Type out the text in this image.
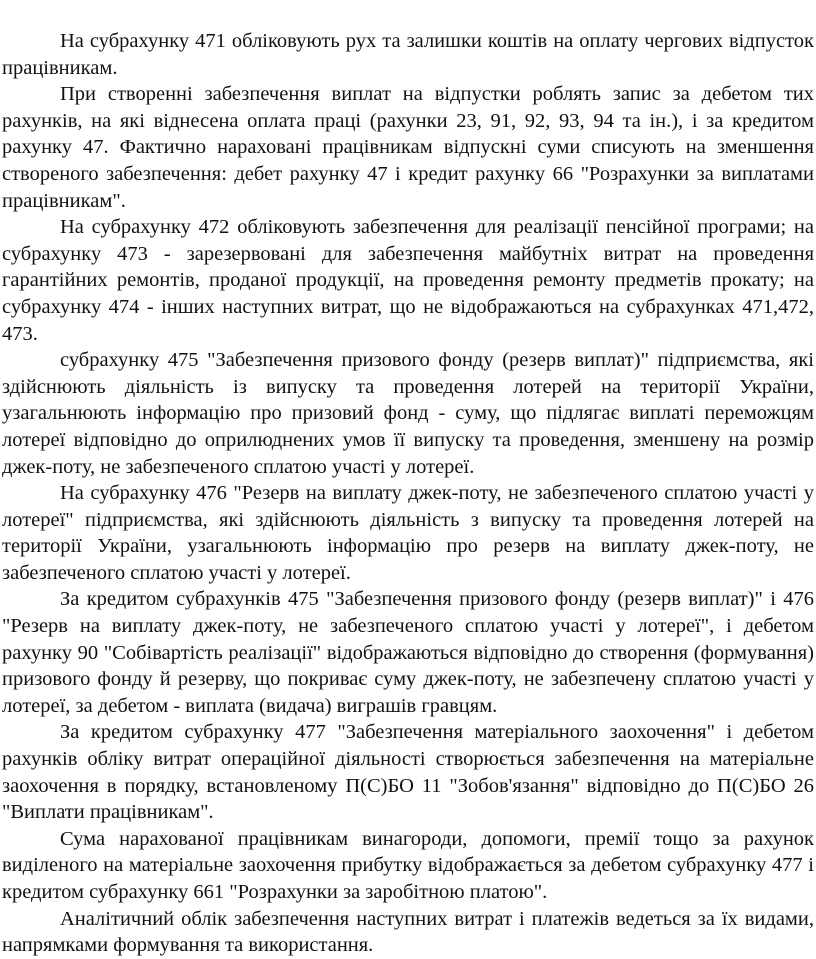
На субрахунку 471 обліковують рух та залишки коштів на оплату чергових відпусток працівникам.

При створенні забезпечення виплат на відпустки роблять запис за дебетом тих рахунків, на які віднесена оплата праці (рахунки 23, 91, 92, 93, 94 та ін.), і за кредитом рахунку 47. Фактично нараховані працівникам відпускні суми списують на зменшення створеного забезпечення: дебет рахунку 47 і кредит рахунку 66 "Розрахунки за виплатами працівникам".

На субрахунку 472 обліковують забезпечення для реалізації пенсійної програми; на субрахунку 473 - зарезервовані для забезпечення майбутніх витрат на проведення гарантійних ремонтів, проданої продукції, на проведення ремонту предметів прокату; на субрахунку 474 - інших наступних витрат, що не відображаються на субрахунках 471,472, 473.

субрахунку 475 "Забезпечення призового фонду (резерв виплат)" підприємства, які здійснюють діяльність із випуску та проведення лотерей на території України, узагальнюють інформацію про призовий фонд - суму, що підлягає виплаті переможцям лотереї відповідно до оприлюднених умов її випуску та проведення, зменшену на розмір джек-поту, не забезпеченого сплатою участі у лотереї.

На субрахунку 476 "Резерв на виплату джек-поту, не забезпеченого сплатою участі у лотереї" підприємства, які здійснюють діяльність з випуску та проведення лотерей на території України, узагальнюють інформацію про резерв на виплату джек-поту, не забезпеченого сплатою участі у лотереї.

За кредитом субрахунків 475 "Забезпечення призового фонду (резерв виплат)" і 476 "Резерв на виплату джек-поту, не забезпеченого сплатою участі у лотереї", і дебетом рахунку 90 "Собівартість реалізації" відображаються відповідно до створення (формування) призового фонду й резерву, що покриває суму джек-поту, не забезпечену сплатою участі у лотереї, за дебетом - виплата (видача) виграшів гравцям.

За кредитом субрахунку 477 "Забезпечення матеріального заохочення" і дебетом рахунків обліку витрат операційної діяльності створюється забезпечення на матеріальне заохочення в порядку, встановленому П(С)БО 11 "Зобов'язання" відповідно до П(С)БО 26 "Виплати працівникам".

Сума нарахованої працівникам винагороди, допомоги, премії тощо за рахунок виділеного на матеріальне заохочення прибутку відображається за дебетом субрахунку 477 і кредитом субрахунку 661 "Розрахунки за заробітною платою".

Аналітичний облік забезпечення наступних витрат і платежів ведеться за їх видами, напрямками формування та використання.
